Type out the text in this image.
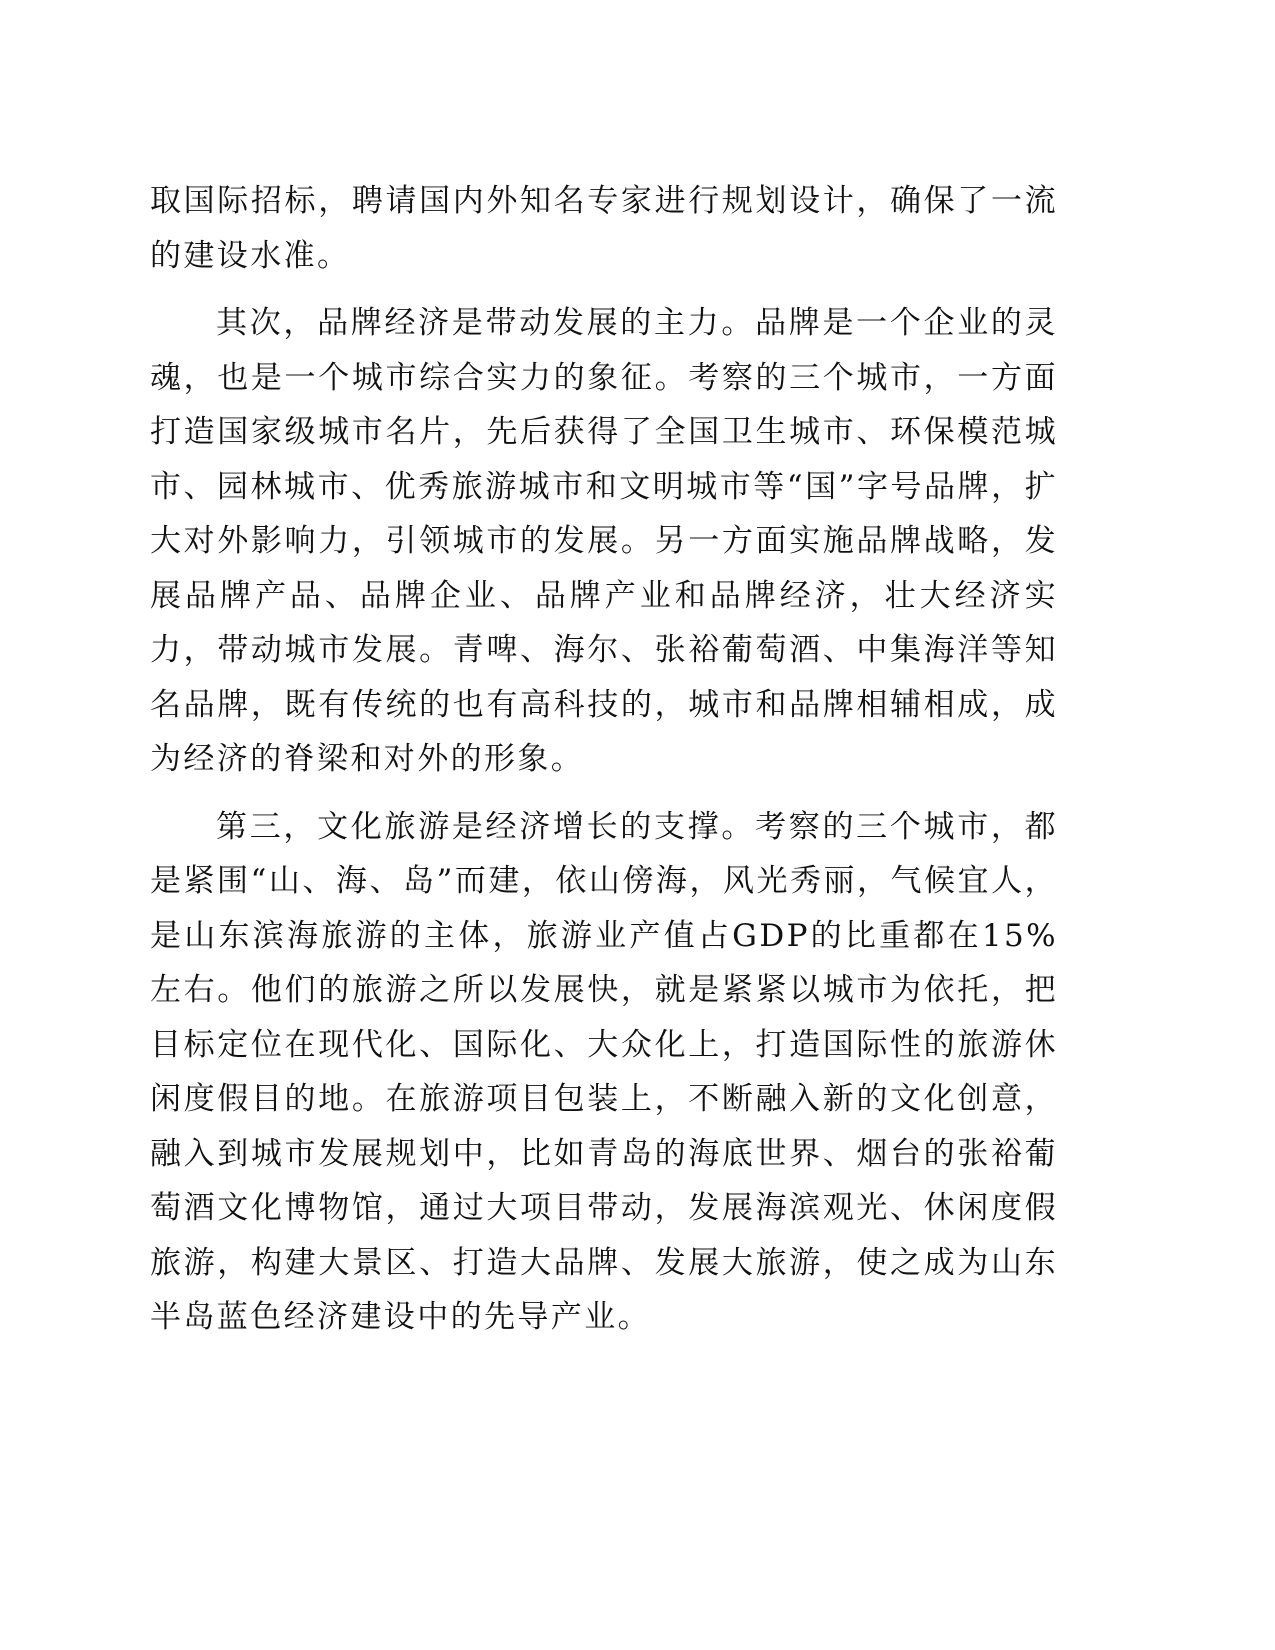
取国际招标，聘请国内外知名专家进行规划设计，确保了一流的建设水准。

其次，品牌经济是带动发展的主力。品牌是一个企业的灵魂，也是一个城市综合实力的象征。考察的三个城市，一方面打造国家级城市名片，先后获得了全国卫生城市、环保模范城市、园林城市、优秀旅游城市和文明城市等“国”字号品牌，扩大对外影响力，引领城市的发展。另一方面实施品牌战略，发展品牌产品、品牌企业、品牌产业和品牌经济，壮大经济实力，带动城市发展。青啤、海尔、张裕葡萄酒、中集海洋等知名品牌，既有传统的也有高科技的，城市和品牌相辅相成，成为经济的脊梁和对外的形象。

第三，文化旅游是经济增长的支撑。考察的三个城市，都是紧围“山、海、岛”而建，依山傍海，风光秀丽，气候宜人，是山东滨海旅游的主体，旅游业产值占GDP的比重都在15%左右。他们的旅游之所以发展快，就是紧紧以城市为依托，把目标定位在现代化、国际化、大众化上，打造国际性的旅游休闲度假目的地。在旅游项目包装上，不断融入新的文化创意，融入到城市发展规划中，比如青岛的海底世界、烟台的张裕葡萄酒文化博物馆，通过大项目带动，发展海滨观光、休闲度假旅游，构建大景区、打造大品牌、发展大旅游，使之成为山东半岛蓝色经济建设中的先导产业。
